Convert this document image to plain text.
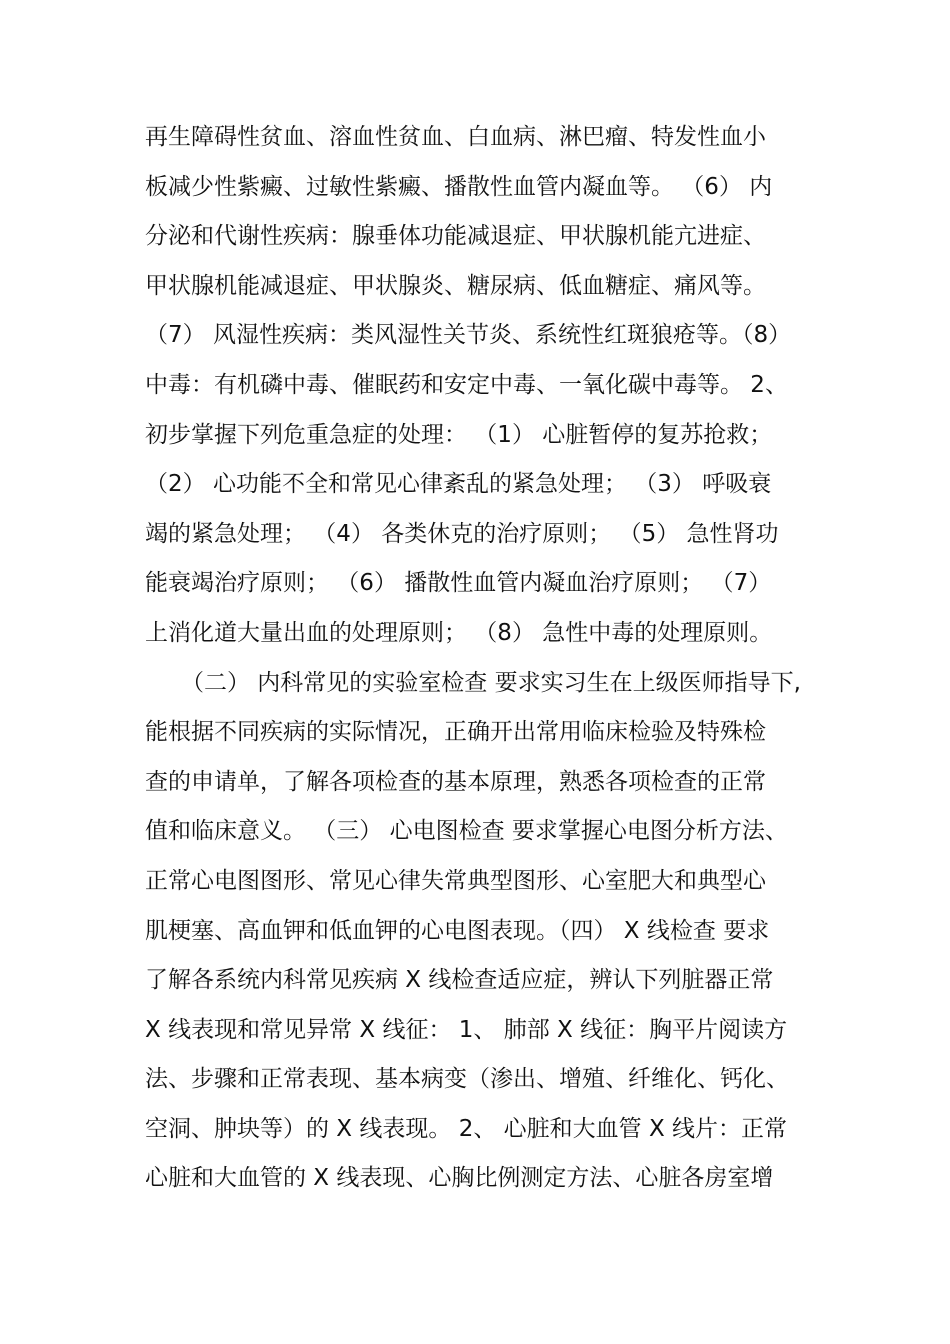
再生障碍性贫血、溶血性贫血、白血病、淋巴瘤、特发性血小
板减少性紫癜、过敏性紫癜、播散性血管内凝血等。 （6） 内
分泌和代谢性疾病：腺垂体功能减退症、甲状腺机能亢进症、
甲状腺机能减退症、甲状腺炎、糖尿病、低血糖症、痛风等。
（7） 风湿性疾病：类风湿性关节炎、系统性红斑狼疮等。（8）
中毒：有机磷中毒、催眠药和安定中毒、一氧化碳中毒等。 2、
初步掌握下列危重急症的处理： （1） 心脏暂停的复苏抢救；
（2） 心功能不全和常见心律紊乱的紧急处理； （3） 呼吸衰
竭的紧急处理； （4） 各类休克的治疗原则； （5） 急性肾功
能衰竭治疗原则； （6） 播散性血管内凝血治疗原则； （7）
上消化道大量出血的处理原则； （8） 急性中毒的处理原则。
（二） 内科常见的实验室检查 要求实习生在上级医师指导下,
能根据不同疾病的实际情况，正确开出常用临床检验及特殊检
查的申请单，了解各项检查的基本原理，熟悉各项检查的正常
值和临床意义。 （三） 心电图检查 要求掌握心电图分析方法、
正常心电图图形、常见心律失常典型图形、心室肥大和典型心
肌梗塞、高血钾和低血钾的心电图表现。（四） X 线检查 要求
了解各系统内科常见疾病 X 线检查适应症，辨认下列脏器正常
X 线表现和常见异常 X 线征： 1、 肺部 X 线征：胸平片阅读方
法、步骤和正常表现、基本病变（渗出、增殖、纤维化、钙化、
空洞、肿块等）的 X 线表现。 2、 心脏和大血管 X 线片：正常
心脏和大血管的 X 线表现、心胸比例测定方法、心脏各房室增
